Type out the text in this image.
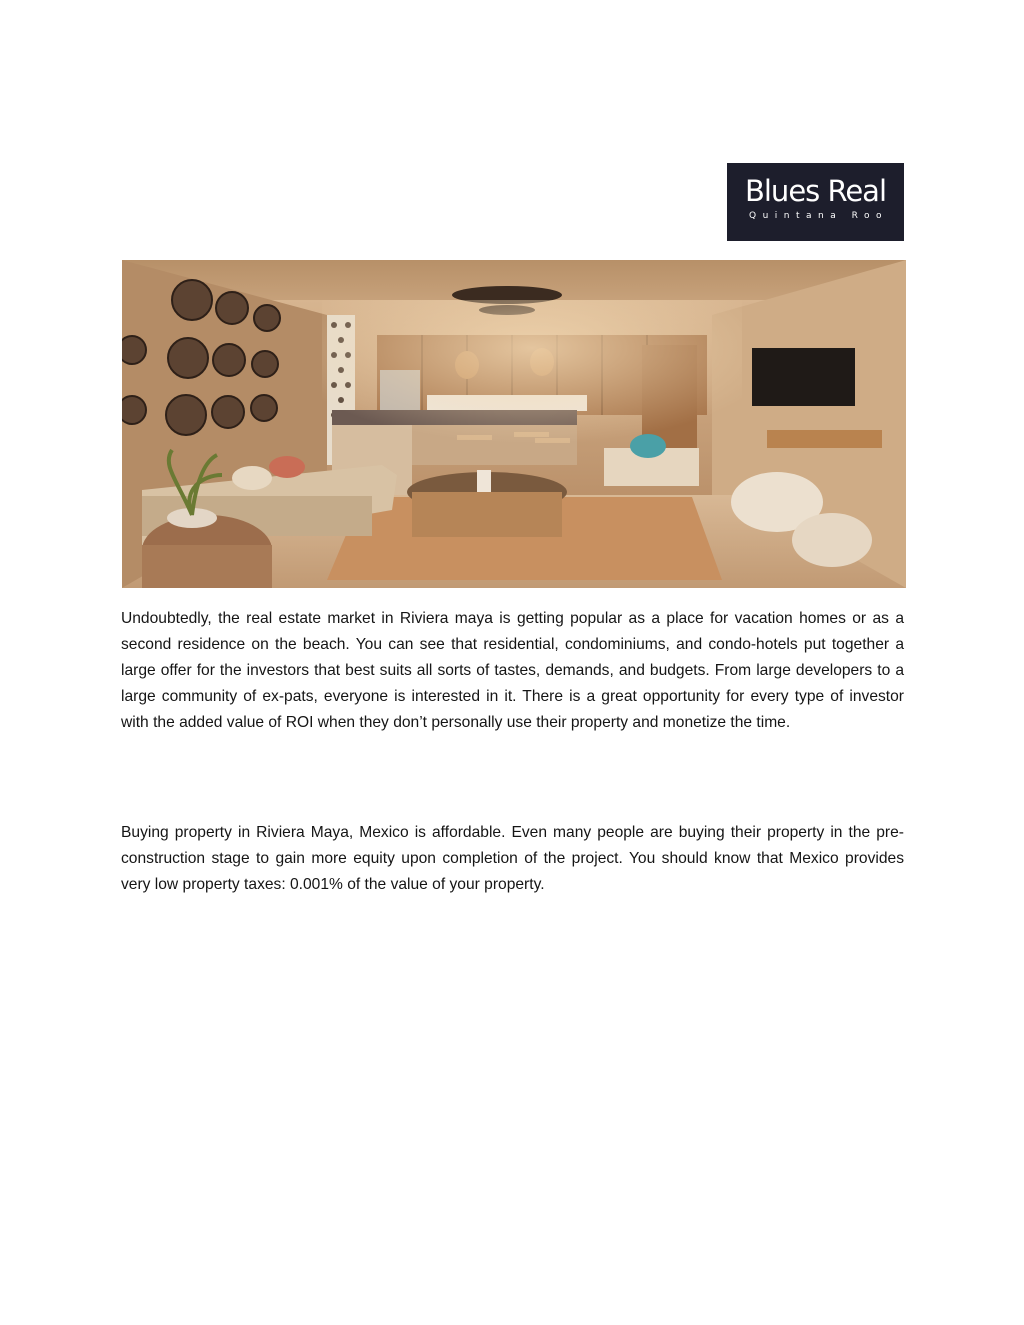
Blues Real
Quintana Roo

Undoubtedly, the real estate market in Riviera maya is getting popular as a place for vacation homes or as a second residence on the beach. You can see that residential, condominiums, and condo-hotels put together a large offer for the investors that best suits all sorts of tastes, demands, and budgets. From large developers to a large community of ex-pats, everyone is interested in it. There is a great opportunity for every type of investor with the added value of ROI when they don’t personally use their property and monetize the time.

Buying property in Riviera Maya, Mexico is affordable. Even many people are buying their property in the pre-construction stage to gain more equity upon completion of the project. You should know that Mexico provides very low property taxes: 0.001% of the value of your property.
